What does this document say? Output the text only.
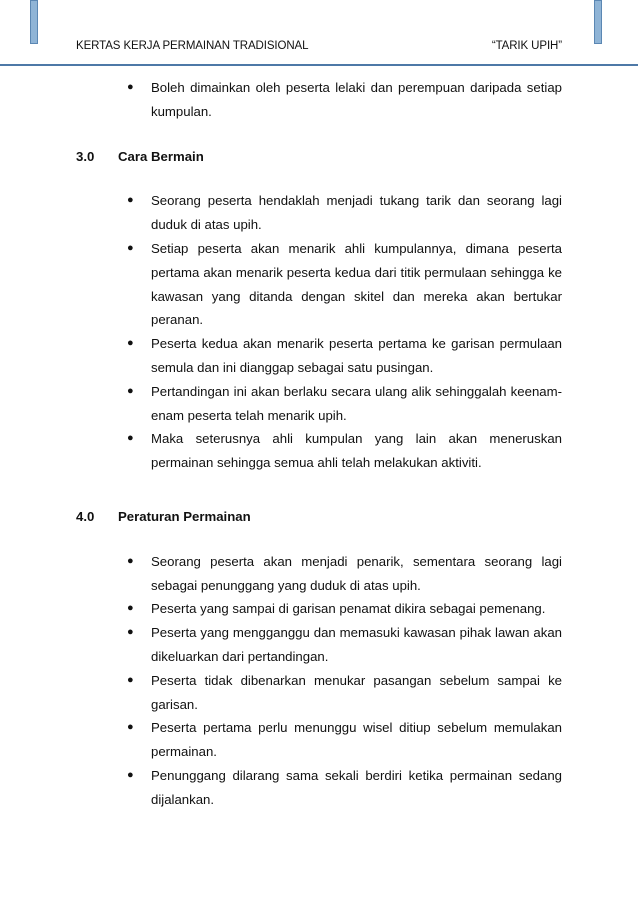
KERTAS KERJA PERMAINAN TRADISIONAL	“TARIK UPIH”
● Boleh dimainkan oleh peserta lelaki dan perempuan daripada setiap kumpulan.
3.0	Cara Bermain
● Seorang peserta hendaklah menjadi tukang tarik dan seorang lagi duduk di atas upih.
● Setiap peserta akan menarik ahli kumpulannya, dimana peserta pertama akan menarik peserta kedua dari titik permulaan sehingga ke kawasan yang ditanda dengan skitel dan mereka akan bertukar peranan.
● Peserta kedua akan menarik peserta pertama ke garisan permulaan semula dan ini dianggap sebagai satu pusingan.
● Pertandingan ini akan berlaku secara ulang alik sehinggalah keenam-enam peserta telah menarik upih.
● Maka seterusnya ahli kumpulan yang lain akan meneruskan permainan sehingga semua ahli telah melakukan aktiviti.
4.0	Peraturan Permainan
● Seorang peserta akan menjadi penarik, sementara seorang lagi sebagai penunggang yang duduk di atas upih.
● Peserta yang sampai di garisan penamat dikira sebagai pemenang.
● Peserta yang mengganggu dan memasuki kawasan pihak lawan akan dikeluarkan dari pertandingan.
● Peserta tidak dibenarkan menukar pasangan sebelum sampai ke garisan.
● Peserta pertama perlu menunggu wisel ditiup sebelum memulakan permainan.
● Penunggang dilarang sama sekali berdiri ketika permainan sedang dijalankan.
